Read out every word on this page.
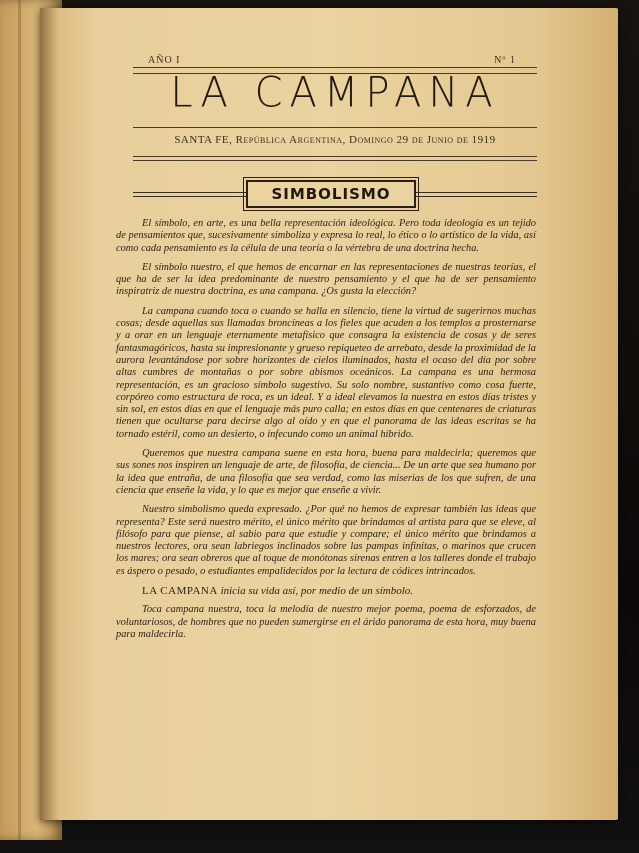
AÑO I	Nº 1
LA CAMPANA
SANTA FE, República Argentina, Domingo 29 de Junio de 1919
SIMBOLISMO

El símbolo, en arte, es una bella representación ideológica. Pero toda ideología es un tejido de pensamientos que, sucesivamente simboliza y expresa lo real, lo ético o lo artístico de la vida, así como cada pensamiento es la célula de una teoría o la vértebra de una doctrina hecha.

El símbolo nuestro, el que hemos de encarnar en las representaciones de nuestras teorías, el que ha de ser la idea predominante de nuestro pensamiento y el que ha de ser pensamiento inspiratriz de nuestra doctrina, es una campana. ¿Os gusta la elección?

La campana cuando toca o cuando se halla en silencio, tiene la virtud de sugerirnos muchas cosas; desde aquellas sus llamadas broncíneas a los fieles que acuden a los templos a prosternarse y a orar en un lenguaje eternamente metafísico que consagra la existencia de cosas y de seres fantasmagóricos, hasta su impresionante y grueso repiqueteo de arrebato, desde la proximidad de la aurora levantándose por sobre horizontes de cielos iluminados, hasta el ocaso del día por sobre altas cumbres de montañas o por sobre abismos oceánicos. La campana es una hermosa representación, es un gracioso símbolo sugestivo. Su solo nombre, sustantivo como cosa fuerte, corpóreo como estructura de roca, es un ideal. Y a ideal elevamos la nuestra en estos días tristes y sin sol, en estos días en que el lenguaje más puro calla; en estos días en que centenares de criaturas tienen que ocultarse para decirse algo al oído y en que el panorama de las ideas escritas se ha tornado estéril, como un desierto, o infecundo como un animal híbrido.

Queremos que nuestra campana suene en esta hora, buena para maldecirla; queremos que sus sones nos inspiren un lenguaje de arte, de filosofía, de ciencia... De un arte que sea humano por la idea que entraña, de una filosofía que sea verdad, como las miserias de los que sufren, de una ciencia que enseñe la vida, y lo que es mejor que enseñe a vivir.

Nuestro simbolismo queda expresado. ¿Por qué no hemos de expresar también las ideas que representa? Este será nuestro mérito, el único mérito que brindamos al artista para que se eleve, al filósofo para que piense, al sabio para que estudie y compare; el único mérito que brindamos a nuestros lectores, ora sean labriegos inclinados sobre las pampas infinitas, o marinos que crucen los mares; ora sean obreros que al toque de monótonas sirenas entren a los talleres donde el trabajo es áspero o pesado, o estudiantes empalidecidos por la lectura de códices intrincados.

LA CAMPANA inicia su vida así, por medio de un símbolo.

Toca campana nuestra, toca la melodía de nuestro mejor poema, poema de esforzados, de voluntariosos, de hombres que no pueden sumergirse en el árido panorama de esta hora, muy buena para maldecirla.
